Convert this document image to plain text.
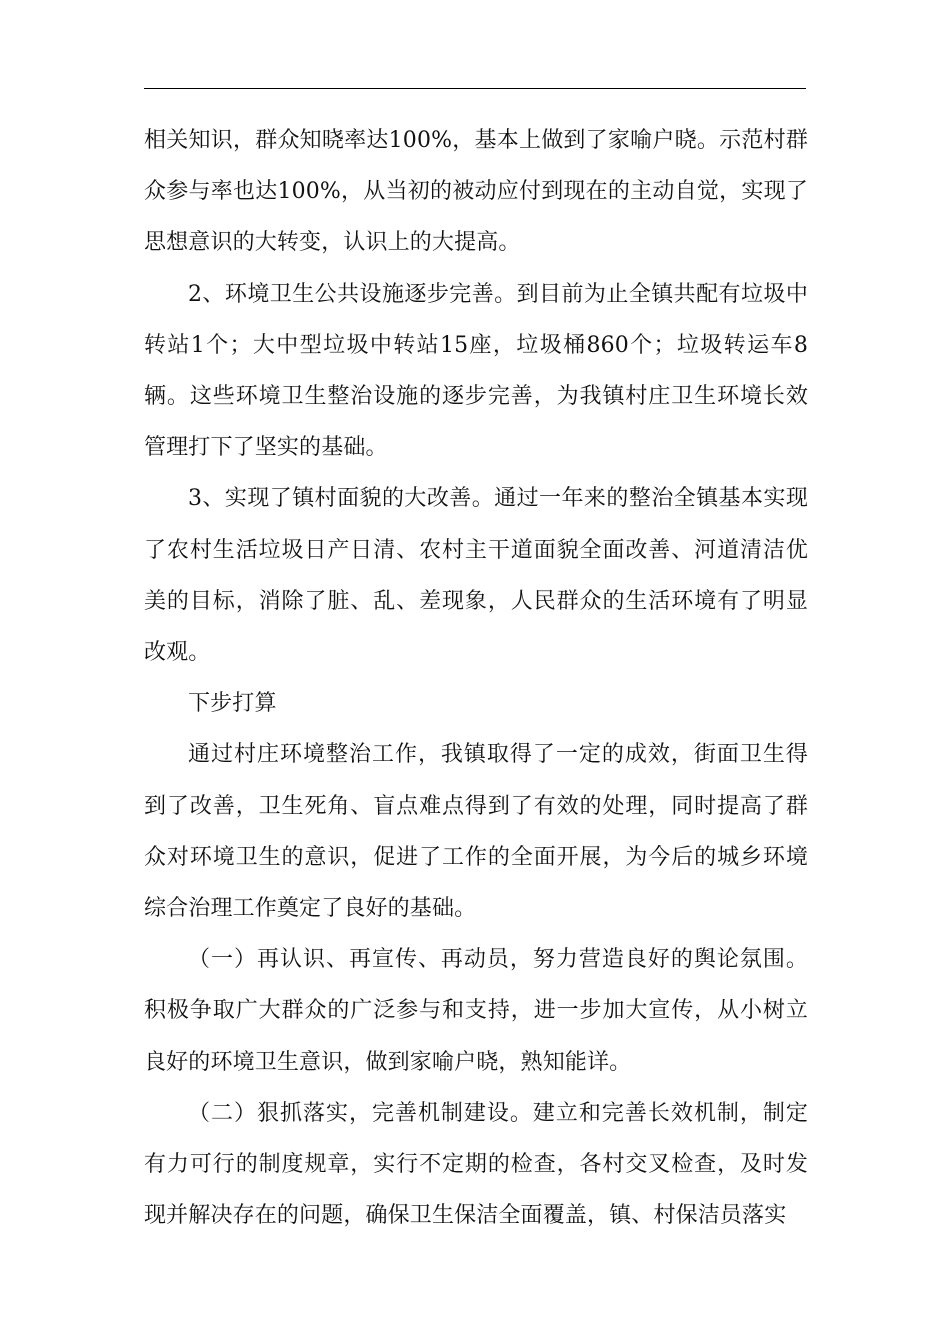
相关知识，群众知晓率达100%，基本上做到了家喻户晓。示范村群众参与率也达100%，从当初的被动应付到现在的主动自觉，实现了思想意识的大转变，认识上的大提高。

2、环境卫生公共设施逐步完善。到目前为止全镇共配有垃圾中转站1个；大中型垃圾中转站15座，垃圾桶860个；垃圾转运车8辆。这些环境卫生整治设施的逐步完善，为我镇村庄卫生环境长效管理打下了坚实的基础。

3、实现了镇村面貌的大改善。通过一年来的整治全镇基本实现了农村生活垃圾日产日清、农村主干道面貌全面改善、河道清洁优美的目标，消除了脏、乱、差现象，人民群众的生活环境有了明显改观。

下步打算

通过村庄环境整治工作，我镇取得了一定的成效，街面卫生得到了改善，卫生死角、盲点难点得到了有效的处理，同时提高了群众对环境卫生的意识，促进了工作的全面开展，为今后的城乡环境综合治理工作奠定了良好的基础。

（一）再认识、再宣传、再动员，努力营造良好的舆论氛围。积极争取广大群众的广泛参与和支持，进一步加大宣传，从小树立良好的环境卫生意识，做到家喻户晓，熟知能详。

（二）狠抓落实，完善机制建设。建立和完善长效机制，制定有力可行的制度规章，实行不定期的检查，各村交叉检查，及时发现并解决存在的问题，确保卫生保洁全面覆盖，镇、村保洁员落实
